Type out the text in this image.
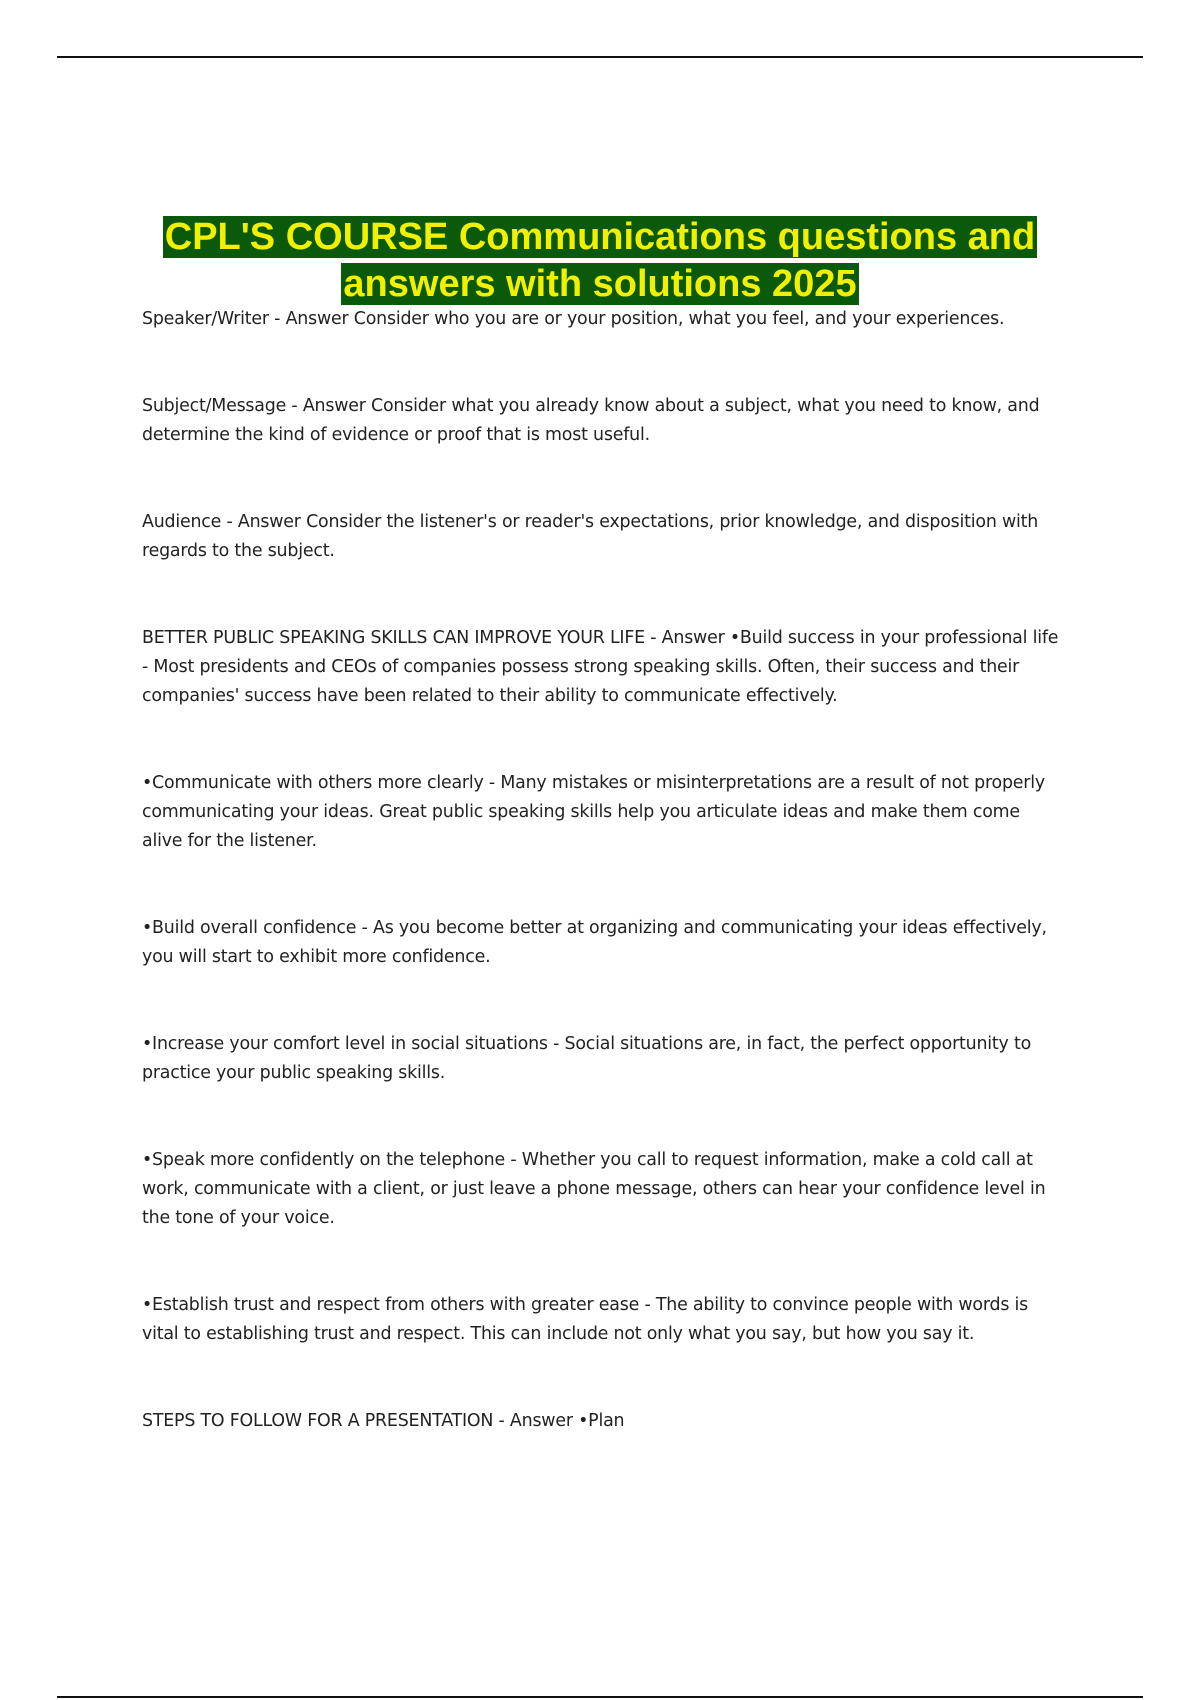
CPL'S COURSE Communications questions and answers with solutions 2025

Speaker/Writer - Answer Consider who you are or your position, what you feel, and your experiences.

Subject/Message - Answer Consider what you already know about a subject, what you need to know, and determine the kind of evidence or proof that is most useful.

Audience - Answer Consider the listener's or reader's expectations, prior knowledge, and disposition with regards to the subject.

BETTER PUBLIC SPEAKING SKILLS CAN IMPROVE YOUR LIFE - Answer •Build success in your professional life - Most presidents and CEOs of companies possess strong speaking skills. Often, their success and their companies' success have been related to their ability to communicate effectively.

•Communicate with others more clearly - Many mistakes or misinterpretations are a result of not properly communicating your ideas. Great public speaking skills help you articulate ideas and make them come alive for the listener.

•Build overall confidence - As you become better at organizing and communicating your ideas effectively, you will start to exhibit more confidence.

•Increase your comfort level in social situations - Social situations are, in fact, the perfect opportunity to practice your public speaking skills.

•Speak more confidently on the telephone - Whether you call to request information, make a cold call at work, communicate with a client, or just leave a phone message, others can hear your confidence level in the tone of your voice.

•Establish trust and respect from others with greater ease - The ability to convince people with words is vital to establishing trust and respect. This can include not only what you say, but how you say it.

STEPS TO FOLLOW FOR A PRESENTATION - Answer •Plan
